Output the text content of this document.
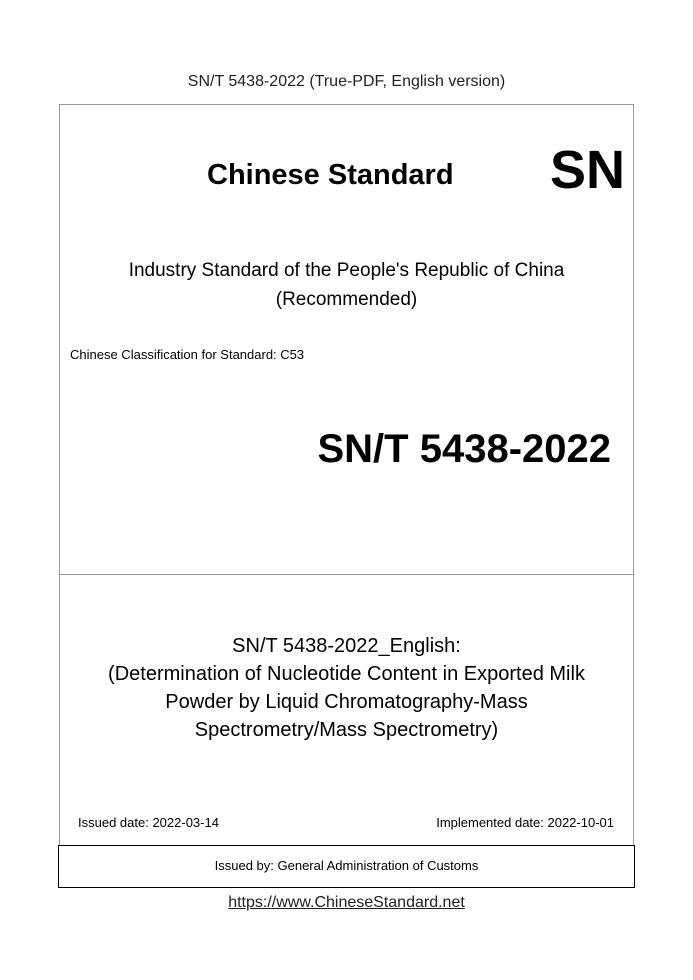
SN/T 5438-2022 (True-PDF, English version)
Chinese Standard SN
Industry Standard of the People's Republic of China
(Recommended)
Chinese Classification for Standard: C53
SN/T 5438-2022
SN/T 5438-2022_English:
(Determination of Nucleotide Content in Exported Milk
Powder by Liquid Chromatography-Mass
Spectrometry/Mass Spectrometry)
Issued date: 2022-03-14	Implemented date: 2022-10-01
Issued by: General Administration of Customs
https://www.ChineseStandard.net
